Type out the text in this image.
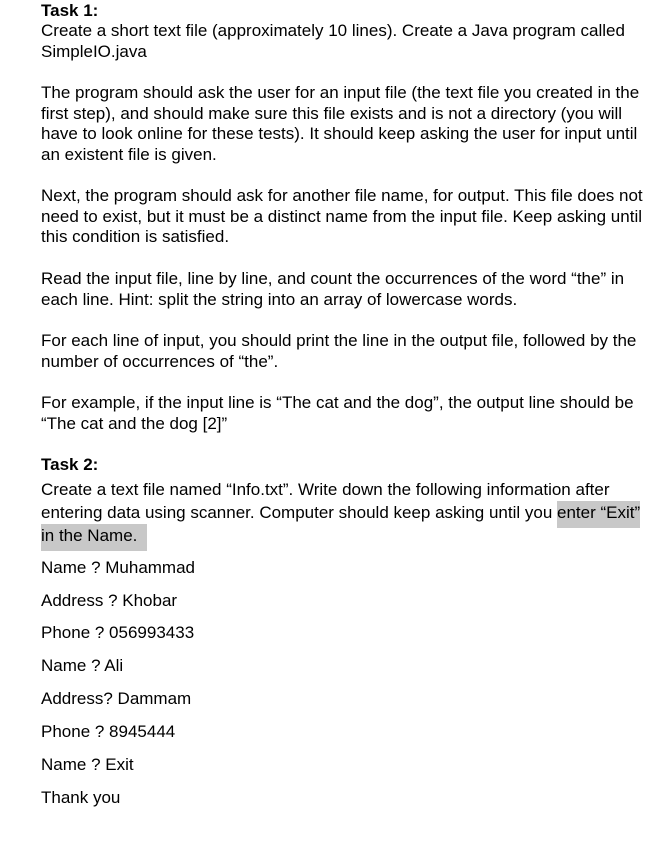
Task 1:

Create a short text file (approximately 10 lines). Create a Java program called SimpleIO.java

The program should ask the user for an input file (the text file you created in the first step), and should make sure this file exists and is not a directory (you will have to look online for these tests). It should keep asking the user for input until an existent file is given.

Next, the program should ask for another file name, for output. This file does not need to exist, but it must be a distinct name from the input file. Keep asking until this condition is satisfied.

Read the input file, line by line, and count the occurrences of the word “the” in each line. Hint: split the string into an array of lowercase words.

For each line of input, you should print the line in the output file, followed by the number of occurrences of “the”.

For example, if the input line is “The cat and the dog”, the output line should be “The cat and the dog [2]”

Task 2:

Create a text file named “Info.txt”. Write down the following information after entering data using scanner. Computer should keep asking until you enter “Exit” in the Name.

Name ? Muhammad

Address ? Khobar

Phone ? 056993433

Name ? Ali

Address? Dammam

Phone ? 8945444

Name ? Exit

Thank you
